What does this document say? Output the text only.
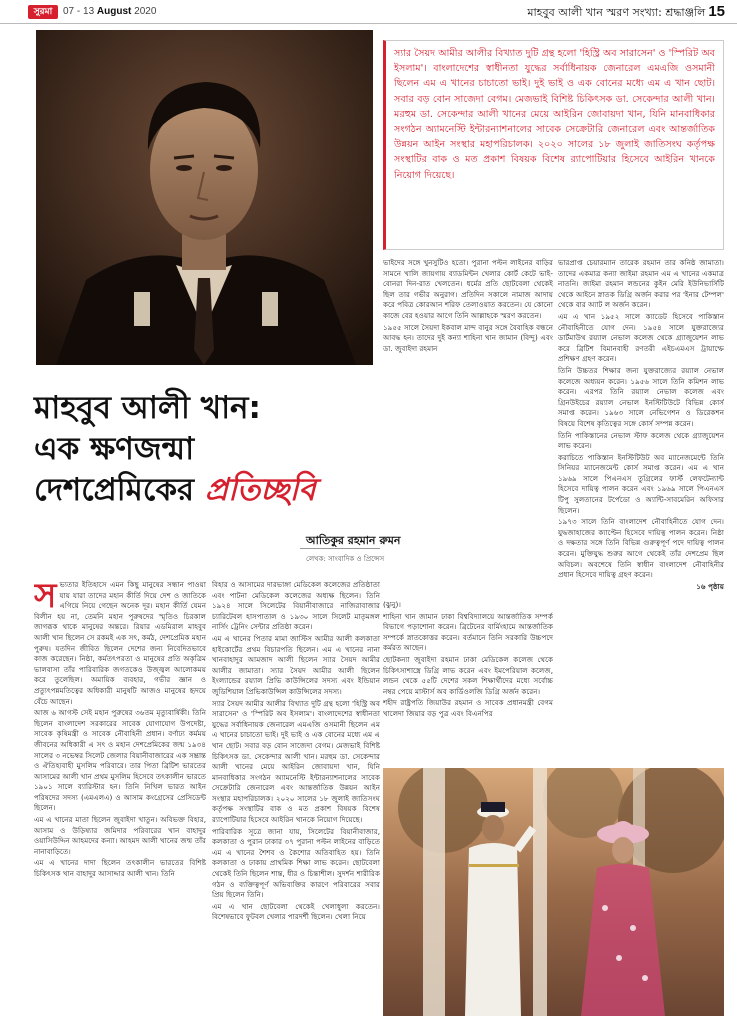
সুরমা	07 - 13 August 2020	মাহবুব আলী খান স্মরণ সংখ্যা: শ্রদ্ধাঞ্জলি 15

স্যার সৈয়দ আমীর আলীর বিখ্যাত দুটি গ্রন্থ হলো 'হিস্ট্রি অব সারাসেন' ও 'স্পিরিট অব ইসলাম'। বাংলাদেশের স্বাধীনতা যুদ্ধের সর্বাধিনায়ক জেনারেল এমএজি ওসমানী ছিলেন এম এ খানের চাচাতো ভাই। দুই ভাই ও এক বোনের মধ্যে এম এ খান ছোট। সবার বড় বোন সাজেদা বেগম। মেজভাই বিশিষ্ট চিকিৎসক ডা. সেকেন্দার আলী খান। মরহুম ডা. সেকেন্দার আলী খানের মেয়ে আইরিন জোবায়দা খান, যিনি মানবাধিকার সংগঠন অ্যামনেস্টি ইন্টারন্যাশনালের সাবেক সেক্রেটারি জেনারেল এবং আন্তর্জাতিক উন্নয়ন আইন সংস্থার মহাপরিচালক। ২০২০ সালের ১৮ জুলাই জাতিসংঘ কর্তৃপক্ষ সংস্থাটির বাক ও মত প্রকাশ বিষয়ক বিশেষ র‍্যাপোটিয়ার হিসেবে আইরিন খানকে নিয়োগ দিয়েছে।

মাহবুব আলী খান:
এক ক্ষণজন্মা
দেশপ্রেমিকের প্রতিচ্ছবি
আতিকুর রহমান রুমন
লেখক: সাংবাদিক ও প্রিন্সেস
স ভ্যতার ইতিহাসে এমন কিছু মানুষের সন্ধান পাওয়া যায় যারা তাদের মহান কীর্তি দিয়ে দেশ ও জাতিকে এগিয়ে নিয়ে গেছেন অনেক দূর। মহান কীর্তি যেমন বিলীন হয় না, তেমনি মহান পুরুষদের স্মৃতিও চিরকাল জাগরূক থাকে মানুষের অন্তরে। রিয়ার এডমিরাল মাহবুব আলী খান ছিলেন সে রকমই এক সৎ, কর্মঠ, দেশপ্রেমিক মহান পুরুষ। যতদিন জীবিত ছিলেন দেশের জন্য নিবেদিতভাবে কাজ করেছেন। নিষ্ঠা, কর্মতৎপরতা ও মানুষের প্রতি অকৃত্রিম ভালবাসা তাঁর পারিবারিক জগতকেও উজ্জ্বল আলোকময় করে তুলেছিল। অমায়িক ব্যবহার, গভীর জ্ঞান ও প্রত্যুৎপন্নমতিত্বের অধিকারী মানুষটি আজও মানুষের হৃদয়ে বেঁচে আছেন।

আজ ৬ আগস্ট সেই মহান পুরুষের ৩৬তম মৃত্যুবার্ষিকী। তিনি ছিলেন বাংলাদেশ সরকারের সাবেক যোগাযোগ উপদেষ্টা, সাবেক কৃষিমন্ত্রী ও সাবেক নৌবাহিনী প্রধান। বর্ণাঢ্য কর্মময় জীবনের অধিকারী এ সৎ ও মহান দেশপ্রেমিকের জন্ম ১৯৩৪ সালের ৩ নভেম্বর সিলেট জেলার বিয়ানীবাজারের এক সম্ভ্রান্ত ও ঐতিহ্যবাহী মুসলিম পরিবারে। তার পিতা ব্রিটিশ ভারতের আসামের আলী খান প্রথম মুসলিম হিসেবে তৎকালীন ভারতে ১৯০১ সালে ব্যারিস্টার হন। তিনি নিখিল ভারত আইন পরিষদের সদস্য (এমএলএ) ও আসাম কংগ্রেসের প্রেসিডেন্ট ছিলেন।

এম এ খানের মাতা ছিলেন জুবাইদা খাতুন। অবিভক্ত বিহার, আসাম ও উড়িষ্যার জমিদার পরিবারের খান বাহাদুর ওয়াসিউদ্দিন আহমদের কন্যা। আহমদ আলী খানের জন্ম তাঁর নানাবাড়িতে।

এম এ খানের দাদা ছিলেন তৎকালীন ভারতের বিশিষ্ট চিকিৎসক খান বাহাদুর আসাদ্দার আলী খান। তিনি

বিহার ও আসামের দারভাঙ্গা মেডিকেল কলেজের প্রতিষ্ঠাতা এবং পাটনা মেডিকেল কলেজের অধ্যক্ষ ছিলেন। তিনি ১৯২৪ সালে সিলেটের বিয়ানীবাজারে নাজিরাবাজার চ্যারিটেবল হাসপাতাল ও ১৯৩০ সালে সিলেট মাতৃমঙ্গল নার্সিং ট্রেনিং সেন্টার প্রতিষ্ঠা করেন।

এম এ খানের পিতার মামা জাস্টিস আমীর আলী কলকাতা হাইকোর্টের প্রথম বিচারপতি ছিলেন। এম এ খানের নানা খানবাহাদুর আমজাদ আলী ছিলেন স্যার সৈয়দ আমীর আলীর জামাতা। স্যার সৈয়দ আমীর আলী ছিলেন ইংল্যান্ডের রয়্যাল প্রিভি কাউন্সিলের সদস্য এবং ইন্ডিয়ান জুডিশিয়াল প্রিভিকাউন্সিল কাউন্সিলের সদস্য।

স্যার সৈয়দ আমীর আলীর বিখ্যাত দুটি গ্রন্থ হলো 'হিস্ট্রি অব সারাসেন' ও 'স্পিরিট অব ইসলাম'। বাংলাদেশের স্বাধীনতা যুদ্ধের সর্বাধিনায়ক জেনারেল এমএজি ওসমানী ছিলেন এম এ খানের চাচাতো ভাই। দুই ভাই ও এক বোনের মধ্যে এম এ খান ছোট। সবার বড় বোন সাজেদা বেগম। মেজভাই বিশিষ্ট চিকিৎসক ডা. সেকেন্দার আলী খান। মরহুম ডা. সেকেন্দার আলী খানের মেয়ে আইরিন জোবায়দা খান, যিনি মানবাধিকার সংগঠন অ্যামনেস্টি ইন্টারন্যাশনালের সাবেক সেক্রেটারি জেনারেল এবং আন্তর্জাতিক উন্নয়ন আইন সংস্থার মহাপরিচালক। ২০২০ সালের ১৮ জুলাই জাতিসংঘ কর্তৃপক্ষ সংস্থাটির বাক ও মত প্রকাশ বিষয়ক বিশেষ র‍্যাপোটিয়ার হিসেবে আইরিন খানকে নিয়োগ দিয়েছে।

পারিবারিক সূত্রে জানা যায়, সিলেটের বিয়ানীবাজার, কলকাতা ও পুরান ঢাকার ৩৭ পুরানা পল্টন লাইনের বাড়িতে এম এ খানের শৈশব ও কৈশোর অতিবাহিত হয়। তিনি কলকাতা ও ঢাকায় প্রাথমিক শিক্ষা লাভ করেন। ছোটবেলা থেকেই তিনি ছিলেন শান্ত, ধীর ও চিন্তাশীল। সুদর্শন শারীরিক গঠন ও ব্যক্তিত্বপূর্ণ অভিব্যক্তির কারণে পরিবারের সবার প্রিয় ছিলেন তিনি।

এম এ খান ছোটবেলা থেকেই খেলাধুলা করতেন। বিশেষভাবে ফুটবল খেলার পারদর্শী ছিলেন। খেলা নিয়ে

ভাইদের সঙ্গে খুনসুটিও হতো। পুরানা পল্টন লাইনের বাড়ির সামনে খালি জায়গায় ব্যাডমিন্টন খেলার কোর্ট কেটে ভাই-বোনরা দিন-রাত খেলতেন। ধর্মের প্রতি ছোটবেলা থেকেই ছিল তার গভীর অনুরাগ। প্রতিদিন সকালে নামাজ আদায় করে পবিত্র কোরআন শরিফ তেলাওয়াত করতেন। যে কোনো কাজে বের হওয়ার আগে তিনি আল্লাহকে স্মরণ করতেন।

১৯৫৫ সালে সৈয়দা ইকবাল মান্দ বানুর সঙ্গে বৈবাহিক বন্ধনে আবদ্ধ হন। তাদের দুই কন্যা শাহিনা খান জামান (বিন্দু) এবং ডা. জুবাইদা রহমান

(ঝুনু)।

শাহিনা খান জামান ঢাকা বিশ্ববিদ্যালয়ে আন্তর্জাতিক সম্পর্ক বিভাগে পড়াশোনা করেন। ব্রিটেনের বার্মিংহামে আন্তর্জাতিক সম্পর্কে স্নাতকোত্তর করেন। বর্তমানে তিনি সরকারি উচ্চপদে কর্মরত আছেন।

ছোটকন্যা জুবাইদা রহমান ঢাকা মেডিকেল কলেজ থেকে চিকিৎসাশাস্ত্রে ডিগ্রি লাভ করেন এবং ইমপেরিয়াল কলেজ, লন্ডন থেকে ৫৫টি দেশের সকল শিক্ষার্থীদের মধ্যে সর্বোচ্চ নম্বর পেয়ে মাস্টার্স অব কার্ডিওলজি ডিগ্রি অর্জন করেন।

শহীদ রাষ্ট্রপতি জিয়াউর রহমান ও সাবেক প্রধানমন্ত্রী বেগম খালেদা জিয়ার বড় পুত্র এবং বিএনপির

ভারপ্রাপ্ত চেয়ারম্যান তারেক রহমান তার কনিষ্ঠ জামাতা। তাদের একমাত্র কন্যা জাইমা রহমান এম এ খানের একমাত্র নাতনি। জাইমা রহমান লন্ডনের কুইন মেরি ইউনিভার্সিটি থেকে আইনে স্নাতক ডিগ্রি অর্জন করার পর 'ইনার টেম্পল' থেকে বার অ্যাট ল অর্জন করেন।

এম এ খান ১৯৫২ সালে ক্যাডেট হিসেবে পাকিস্তান নৌবাহিনীতে যোগ দেন। ১৯৫৪ সালে যুক্তরাজ্যের ডার্টমাউথ রয়্যাল নেভাল কলেজ থেকে গ্র্যাজুয়েশন লাভ করে ব্রিটিশ বিমানবাহী রণতরী এইচএমএস ট্রায়াম্ফে প্রশিক্ষণ গ্রহণ করেন।

তিনি উচ্চতর শিক্ষার জন্য যুক্তরাজ্যের রয়্যাল নেভাল কলেজে অধ্যয়ন করেন। ১৯৫৬ সালে তিনি কমিশন লাভ করেন। এরপর তিনি রয়্যাল নেভাল কলেজ এবং গ্রিনউইচের রয়্যাল নেভাল ইনস্টিটিউটে বিভিন্ন কোর্স সমাপ্ত করেন। ১৯৬৩ সালে নেভিগেশন ও ডিরেকশন বিষয়ে বিশেষ কৃতিত্বের সঙ্গে কোর্স সম্পন্ন করেন।

তিনি পাকিস্তানের নেভাল স্টাফ কলেজ থেকে গ্র্যাজুয়েশন লাভ করেন।

করাচিতে পাকিস্তান ইনস্টিটিউট অব ম্যানেজমেন্টে তিনি সিনিয়র ম্যানেজমেন্ট কোর্স সমাপ্ত করেন। এম এ খান ১৯৬৯ সালে পিএনএস তুগ্রিলের ফার্স্ট লেফটেন্যান্ট হিসেবে দায়িত্ব পালন করেন এবং ১৯৬৯ সালে পিএনএস টিপু সুলতানের টর্পেডো ও অ্যান্টি-সাবমেরিন অফিসার ছিলেন।

১৯৭৩ সালে তিনি বাংলাদেশ নৌবাহিনীতে যোগ দেন। যুদ্ধজাহাজের ক্যাপ্টেন হিসেবে দায়িত্ব পালন করেন। নিষ্ঠা ও দক্ষতার সঙ্গে তিনি বিভিন্ন গুরুত্বপূর্ণ পদে দায়িত্ব পালন করেন। মুক্তিযুদ্ধ শুরুর আগে থেকেই তাঁর দেশপ্রেম ছিল অবিচল। অবশেষে তিনি স্বাধীন বাংলাদেশ নৌবাহিনীর প্রধান হিসেবে দায়িত্ব গ্রহণ করেন।

১৬ পৃষ্ঠায়
